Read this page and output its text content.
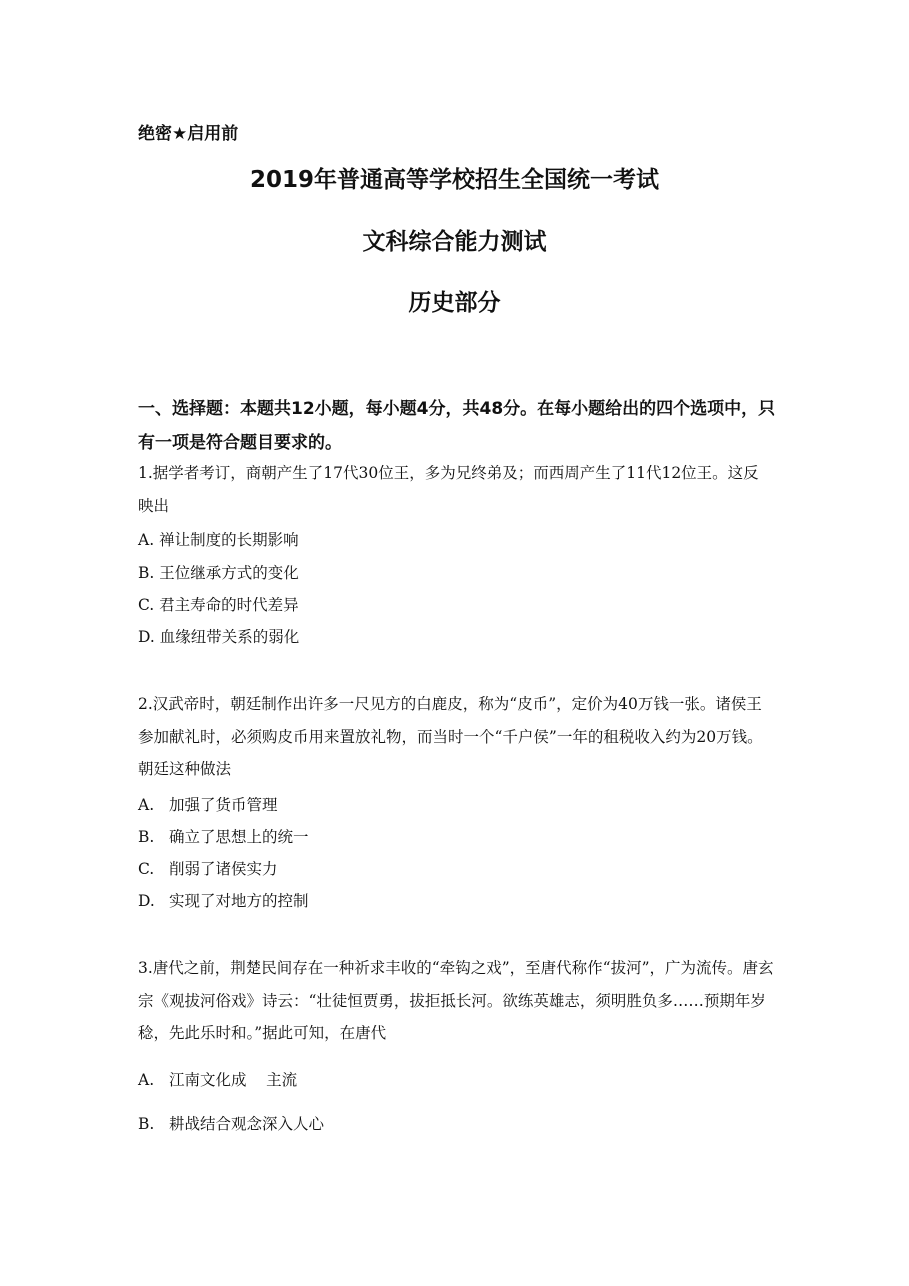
绝密★启用前
2019年普通高等学校招生全国统一考试
文科综合能力测试
历史部分
一、选择题：本题共12小题，每小题4分，共48分。在每小题给出的四个选项中，只有一项是符合题目要求的。
1.据学者考订，商朝产生了17代30位王，多为兄终弟及；而西周产生了11代12位王。这反映出
A. 禅让制度的长期影响
B. 王位继承方式的变化
C. 君主寿命的时代差异
D. 血缘纽带关系的弱化
2.汉武帝时，朝廷制作出许多一尺见方的白鹿皮，称为“皮币”，定价为40万钱一张。诸侯王参加献礼时，必须购皮币用来置放礼物，而当时一个“千户侯”一年的租税收入约为20万钱。朝廷这种做法
A. 加强了货币管理
B. 确立了思想上的统一
C. 削弱了诸侯实力
D. 实现了对地方的控制
3.唐代之前，荆楚民间存在一种祈求丰收的“牵钩之戏”，至唐代称作“拔河”，广为流传。唐玄宗《观拔河俗戏》诗云：“壮徒恒贾勇，拔拒抵长河。欲练英雄志，须明胜负多……预期年岁稔，先此乐时和。”据此可知，在唐代
A. 江南文化成    主流
B. 耕战结合观念深入人心
